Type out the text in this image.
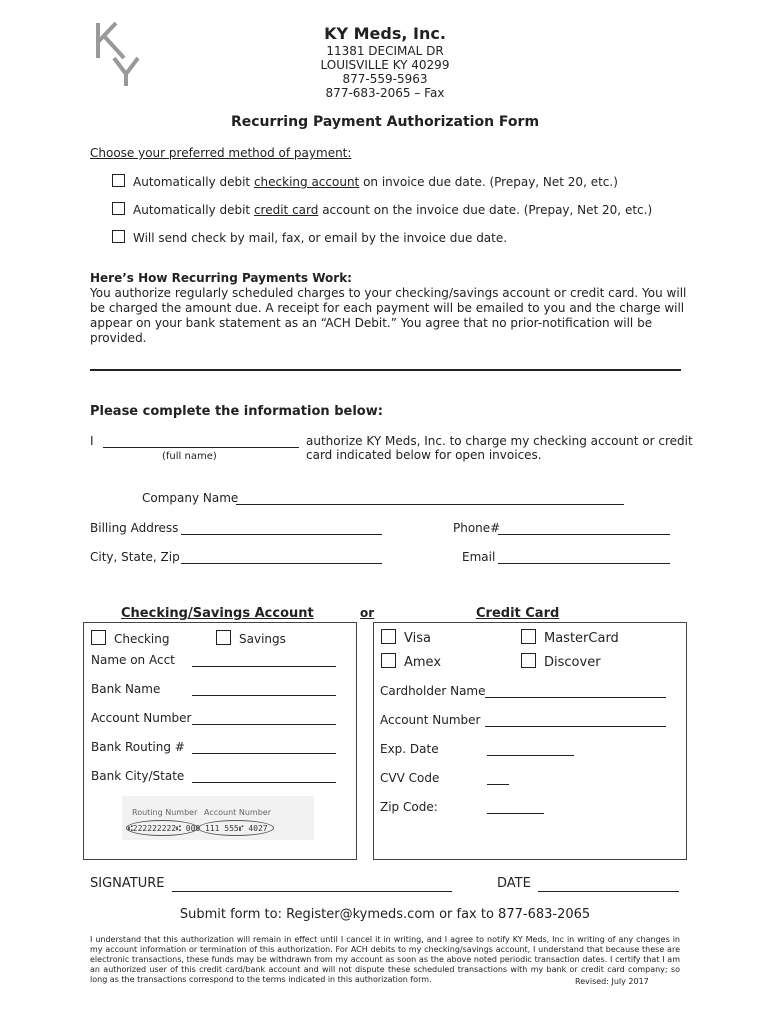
KY Meds, Inc.
11381 DECIMAL DR
LOUISVILLE KY 40299
877-559-5963
877-683-2065 – Fax
Recurring Payment Authorization Form
Choose your preferred method of payment:
Automatically debit checking account on invoice due date. (Prepay, Net 20, etc.)
Automatically debit credit card account on the invoice due date. (Prepay, Net 20, etc.)
Will send check by mail, fax, or email by the invoice due date.
Here’s How Recurring Payments Work:
You authorize regularly scheduled charges to your checking/savings account or credit card. You will be charged the amount due. A receipt for each payment will be emailed to you and the charge will appear on your bank statement as an “ACH Debit.” You agree that no prior-notification will be provided.
Please complete the information below:
I
(full name)
authorize KY Meds, Inc. to charge my checking account or credit
card indicated below for open invoices.
Company Name
Billing Address	Phone#
City, State, Zip	Email
Checking/Savings Account	or	Credit Card
Checking	Savings
Name on Acct
Bank Name
Account Number
Bank Routing #
Bank City/State
Routing Number Account Number
⑆222222222⑆ 000 111 555⑈ 4027
Visa	MasterCard
Amex	Discover
Cardholder Name
Account Number
Exp. Date
CVV Code
Zip Code:
SIGNATURE	DATE
Submit form to: Register@kymeds.com or fax to 877-683-2065
I understand that this authorization will remain in effect until I cancel it in writing, and I agree to notify KY Meds, Inc in writing of any changes in my account information or termination of this authorization. For ACH debits to my checking/savings account, I understand that because these are electronic transactions, these funds may be withdrawn from my account as soon as the above noted periodic transaction dates. I certify that I am an authorized user of this credit card/bank account and will not dispute these scheduled transactions with my bank or credit card company; so long as the transactions correspond to the terms indicated in this authorization form.	Revised: July 2017
